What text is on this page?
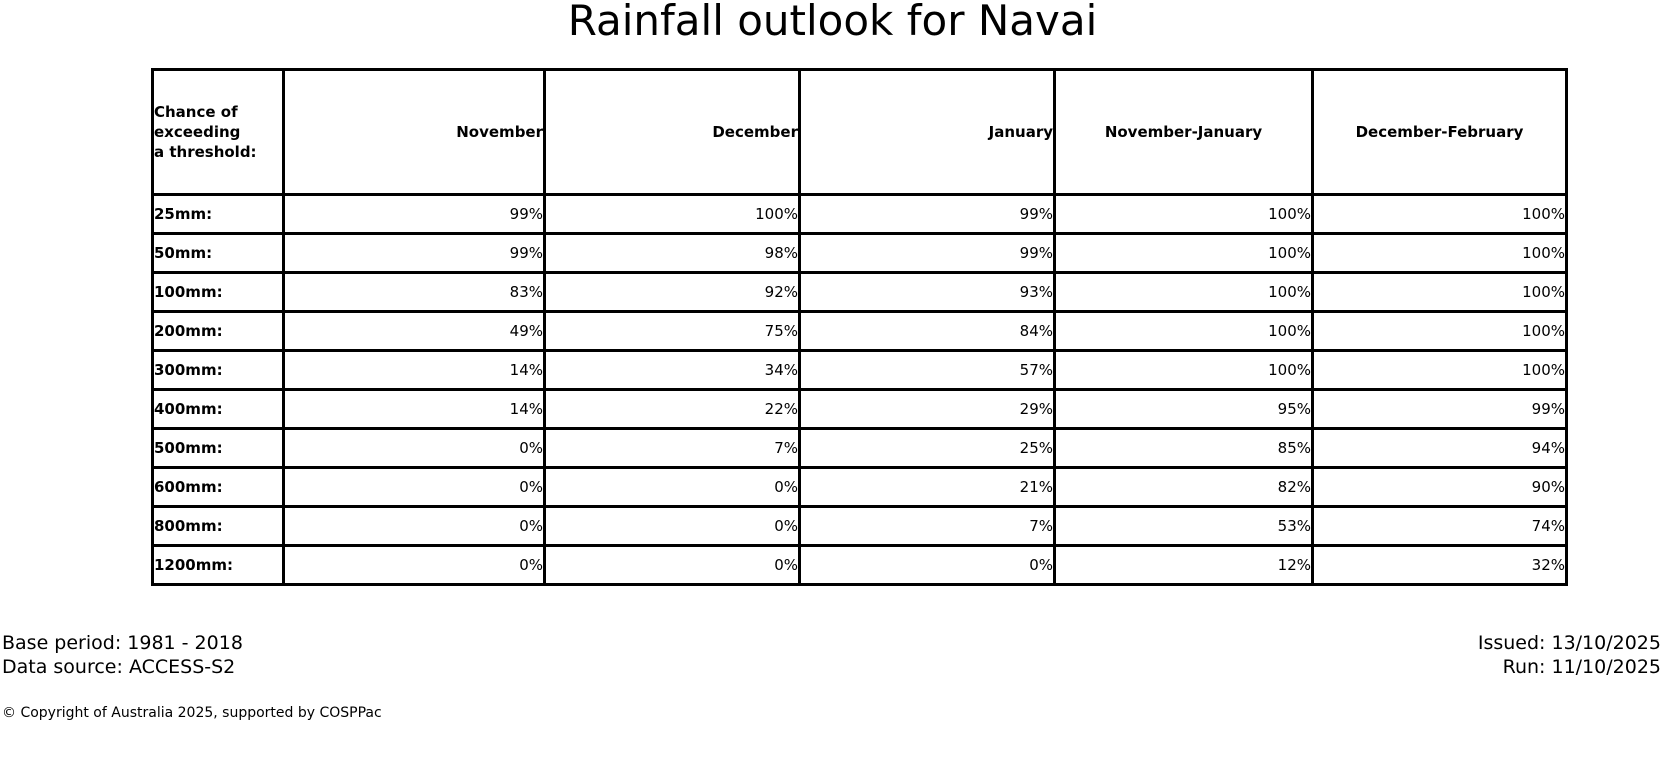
Rainfall outlook for Navai
Chance of
exceeding
a threshold:	November	December	January	November-January	December-February
25mm:	99%	100%	99%	100%	100%
50mm:	99%	98%	99%	100%	100%
100mm:	83%	92%	93%	100%	100%
200mm:	49%	75%	84%	100%	100%
300mm:	14%	34%	57%	100%	100%
400mm:	14%	22%	29%	95%	99%
500mm:	0%	7%	25%	85%	94%
600mm:	0%	0%	21%	82%	90%
800mm:	0%	0%	7%	53%	74%
1200mm:	0%	0%	0%	12%	32%
Base period: 1981 - 2018
Data source: ACCESS-S2
Issued: 13/10/2025
Run: 11/10/2025
© Copyright of Australia 2025, supported by COSPPac
